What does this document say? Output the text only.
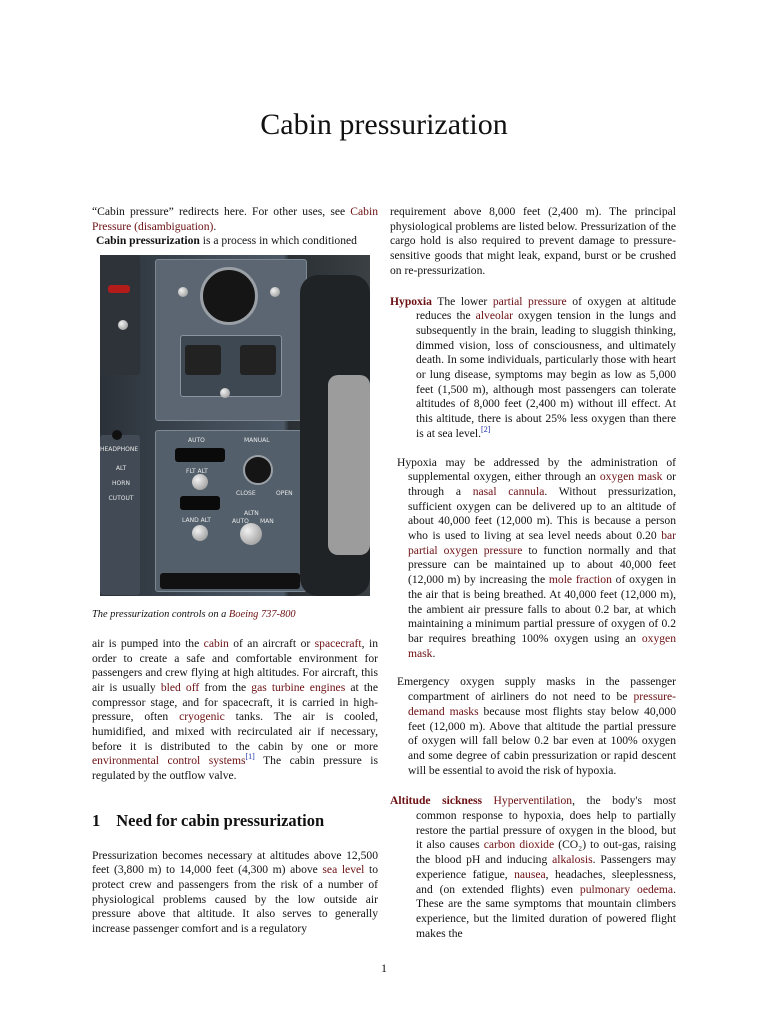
Cabin pressurization

“Cabin pressure” redirects here. For other uses, see Cabin Pressure (disambiguation).

Cabin pressurization is a process in which conditioned

AUTO	MANUAL
FLT ALT
LAND ALT
ALT HORN CUTOUT
HEADPHONE
CLOSE	OPEN
ALTN
AUTO MAN

The pressurization controls on a Boeing 737-800

air is pumped into the cabin of an aircraft or spacecraft, in order to create a safe and comfortable environment for passengers and crew flying at high altitudes. For aircraft, this air is usually bled off from the gas turbine engines at the compressor stage, and for spacecraft, it is carried in high-pressure, often cryogenic tanks. The air is cooled, humidified, and mixed with recirculated air if necessary, before it is distributed to the cabin by one or more environmental control systems[1] The cabin pressure is regulated by the outflow valve.

1 Need for cabin pressurization

Pressurization becomes necessary at altitudes above 12,500 feet (3,800 m) to 14,000 feet (4,300 m) above sea level to protect crew and passengers from the risk of a number of physiological problems caused by the low outside air pressure above that altitude. It also serves to generally increase passenger comfort and is a regulatory

requirement above 8,000 feet (2,400 m). The principal physiological problems are listed below. Pressurization of the cargo hold is also required to prevent damage to pressure-sensitive goods that might leak, expand, burst or be crushed on re-pressurization.

Hypoxia The lower partial pressure of oxygen at altitude reduces the alveolar oxygen tension in the lungs and subsequently in the brain, leading to sluggish thinking, dimmed vision, loss of consciousness, and ultimately death. In some individuals, particularly those with heart or lung disease, symptoms may begin as low as 5,000 feet (1,500 m), although most passengers can tolerate altitudes of 8,000 feet (2,400 m) without ill effect. At this altitude, there is about 25% less oxygen than there is at sea level.[2]

Hypoxia may be addressed by the administration of supplemental oxygen, either through an oxygen mask or through a nasal cannula. Without pressurization, sufficient oxygen can be delivered up to an altitude of about 40,000 feet (12,000 m). This is because a person who is used to living at sea level needs about 0.20 bar partial oxygen pressure to function normally and that pressure can be maintained up to about 40,000 feet (12,000 m) by increasing the mole fraction of oxygen in the air that is being breathed. At 40,000 feet (12,000 m), the ambient air pressure falls to about 0.2 bar, at which maintaining a minimum partial pressure of oxygen of 0.2 bar requires breathing 100% oxygen using an oxygen mask.

Emergency oxygen supply masks in the passenger compartment of airliners do not need to be pressure-demand masks because most flights stay below 40,000 feet (12,000 m). Above that altitude the partial pressure of oxygen will fall below 0.2 bar even at 100% oxygen and some degree of cabin pressurization or rapid descent will be essential to avoid the risk of hypoxia.

Altitude sickness Hyperventilation, the body's most common response to hypoxia, does help to partially restore the partial pressure of oxygen in the blood, but it also causes carbon dioxide (CO₂) to out-gas, raising the blood pH and inducing alkalosis. Passengers may experience fatigue, nausea, headaches, sleeplessness, and (on extended flights) even pulmonary oedema. These are the same symptoms that mountain climbers experience, but the limited duration of powered flight makes the

1
